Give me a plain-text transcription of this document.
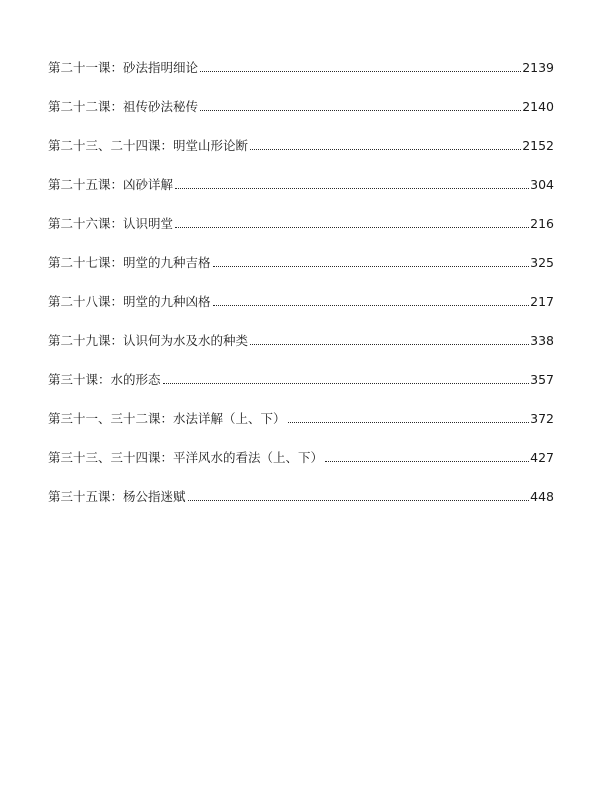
第二十一课：砂法指明细论	2139
第二十二课：祖传砂法秘传	2140
第二十三、二十四课：明堂山形论断	2152
第二十五课：凶砂详解	304
第二十六课：认识明堂	216
第二十七课：明堂的九种吉格	325
第二十八课：明堂的九种凶格	217
第二十九课：认识何为水及水的种类	338
第三十课：水的形态	357
第三十一、三十二课：水法详解（上、下）	372
第三十三、三十四课：平洋风水的看法（上、下）	427
第三十五课：杨公指迷赋	448
